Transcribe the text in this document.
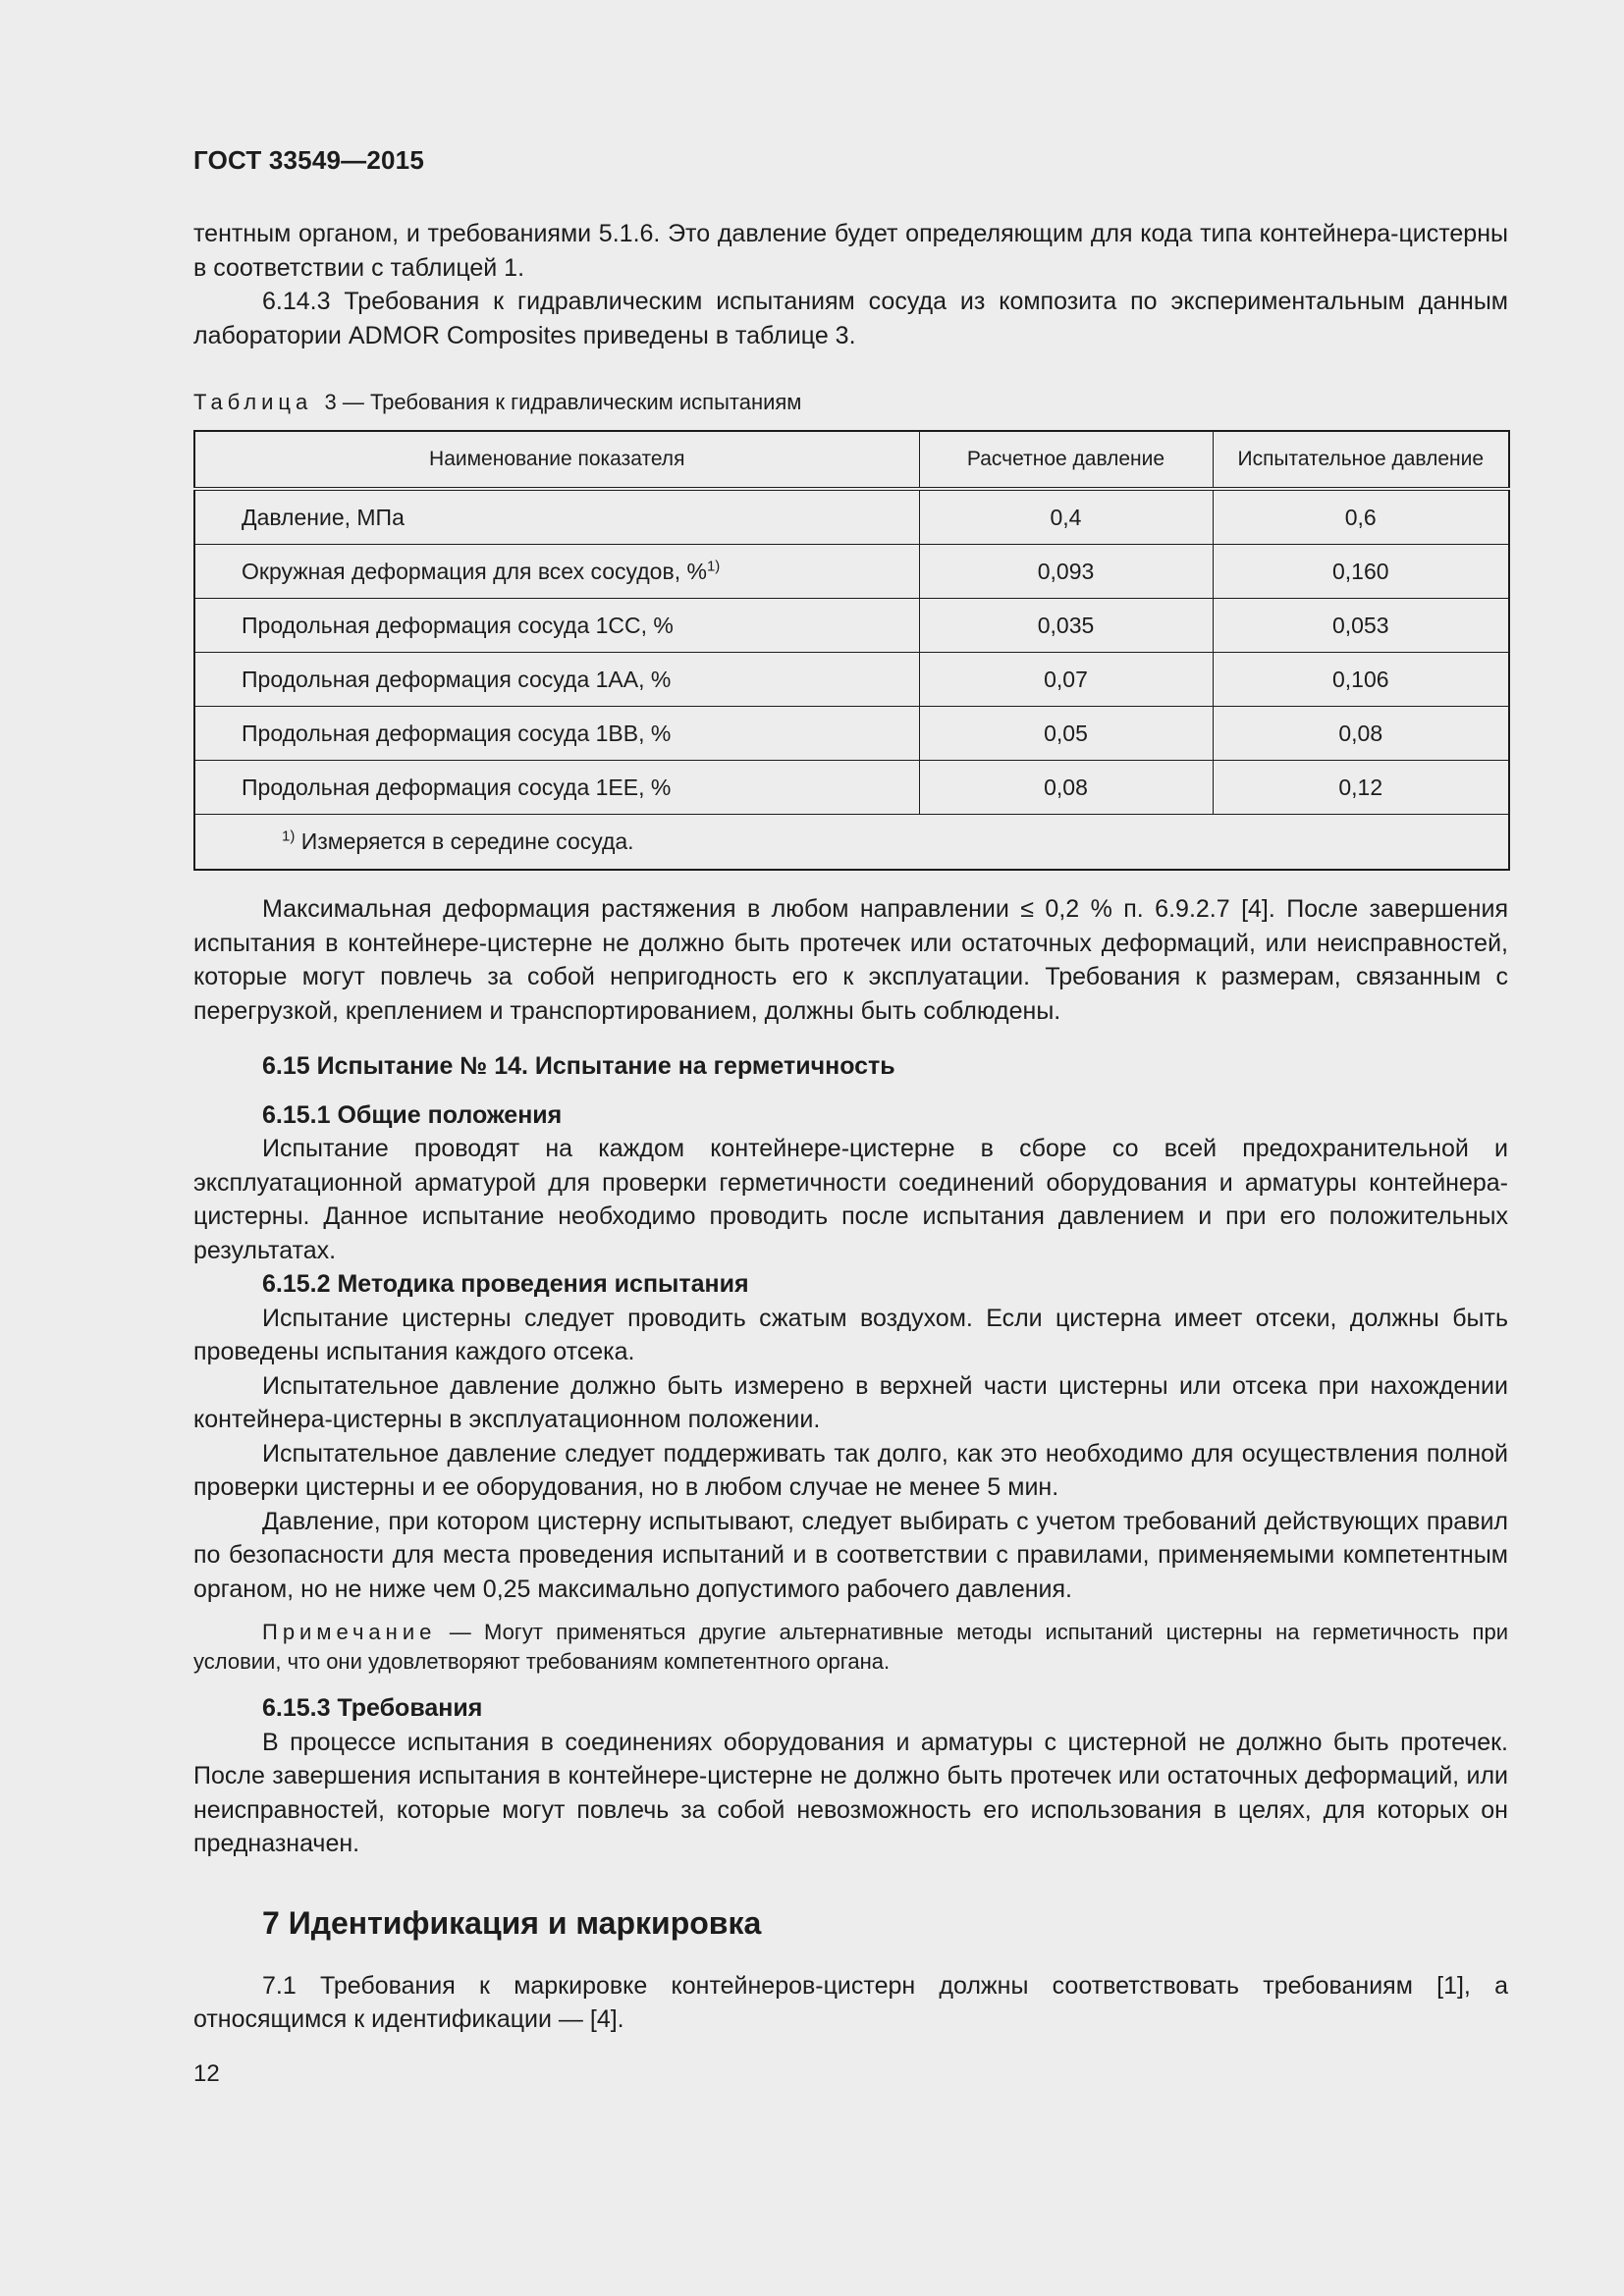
ГОСТ 33549—2015

тентным органом, и требованиями 5.1.6. Это давление будет определяющим для кода типа контейнера-цистерны в соответствии с таблицей 1.

6.14.3 Требования к гидравлическим испытаниям сосуда из композита по экспериментальным данным лаборатории ADMOR Composites приведены в таблице 3.

Таблица 3 — Требования к гидравлическим испытаниям
Наименование показателя	Расчетное давление	Испытательное давление
Давление, МПа	0,4	0,6
Окружная деформация для всех сосудов, %$^{1)}$	0,093	0,160
Продольная деформация сосуда 1СС, %	0,035	0,053
Продольная деформация сосуда 1АА, %	0,07	0,106
Продольная деформация сосуда 1ВВ, %	0,05	0,08
Продольная деформация сосуда 1ЕЕ, %	0,08	0,12
$^{1)}$ Измеряется в середине сосуда.		

Максимальная деформация растяжения в любом направлении ≤ 0,2 % п. 6.9.2.7 [4]. После завершения испытания в контейнере-цистерне не должно быть протечек или остаточных деформаций, или неисправностей, которые могут повлечь за собой непригодность его к эксплуатации. Требования к размерам, связанным с перегрузкой, креплением и транспортированием, должны быть соблюдены.

6.15 Испытание № 14. Испытание на герметичность
6.15.1 Общие положения

Испытание проводят на каждом контейнере-цистерне в сборе со всей предохранительной и эксплуатационной арматурой для проверки герметичности соединений оборудования и арматуры контейнера-цистерны. Данное испытание необходимо проводить после испытания давлением и при его положительных результатах.

6.15.2 Методика проведения испытания

Испытание цистерны следует проводить сжатым воздухом. Если цистерна имеет отсеки, должны быть проведены испытания каждого отсека.

Испытательное давление должно быть измерено в верхней части цистерны или отсека при нахождении контейнера-цистерны в эксплуатационном положении.

Испытательное давление следует поддерживать так долго, как это необходимо для осуществления полной проверки цистерны и ее оборудования, но в любом случае не менее 5 мин.

Давление, при котором цистерну испытывают, следует выбирать с учетом требований действующих правил по безопасности для места проведения испытаний и в соответствии с правилами, применяемыми компетентным органом, но не ниже чем 0,25 максимально допустимого рабочего давления.

Примечание — Могут применяться другие альтернативные методы испытаний цистерны на герметичность при условии, что они удовлетворяют требованиям компетентного органа.
6.15.3 Требования

В процессе испытания в соединениях оборудования и арматуры с цистерной не должно быть протечек. После завершения испытания в контейнере-цистерне не должно быть протечек или остаточных деформаций, или неисправностей, которые могут повлечь за собой невозможность его использования в целях, для которых он предназначен.

7 Идентификация и маркировка

7.1 Требования к маркировке контейнеров-цистерн должны соответствовать требованиям [1], а относящимся к идентификации — [4].

12
